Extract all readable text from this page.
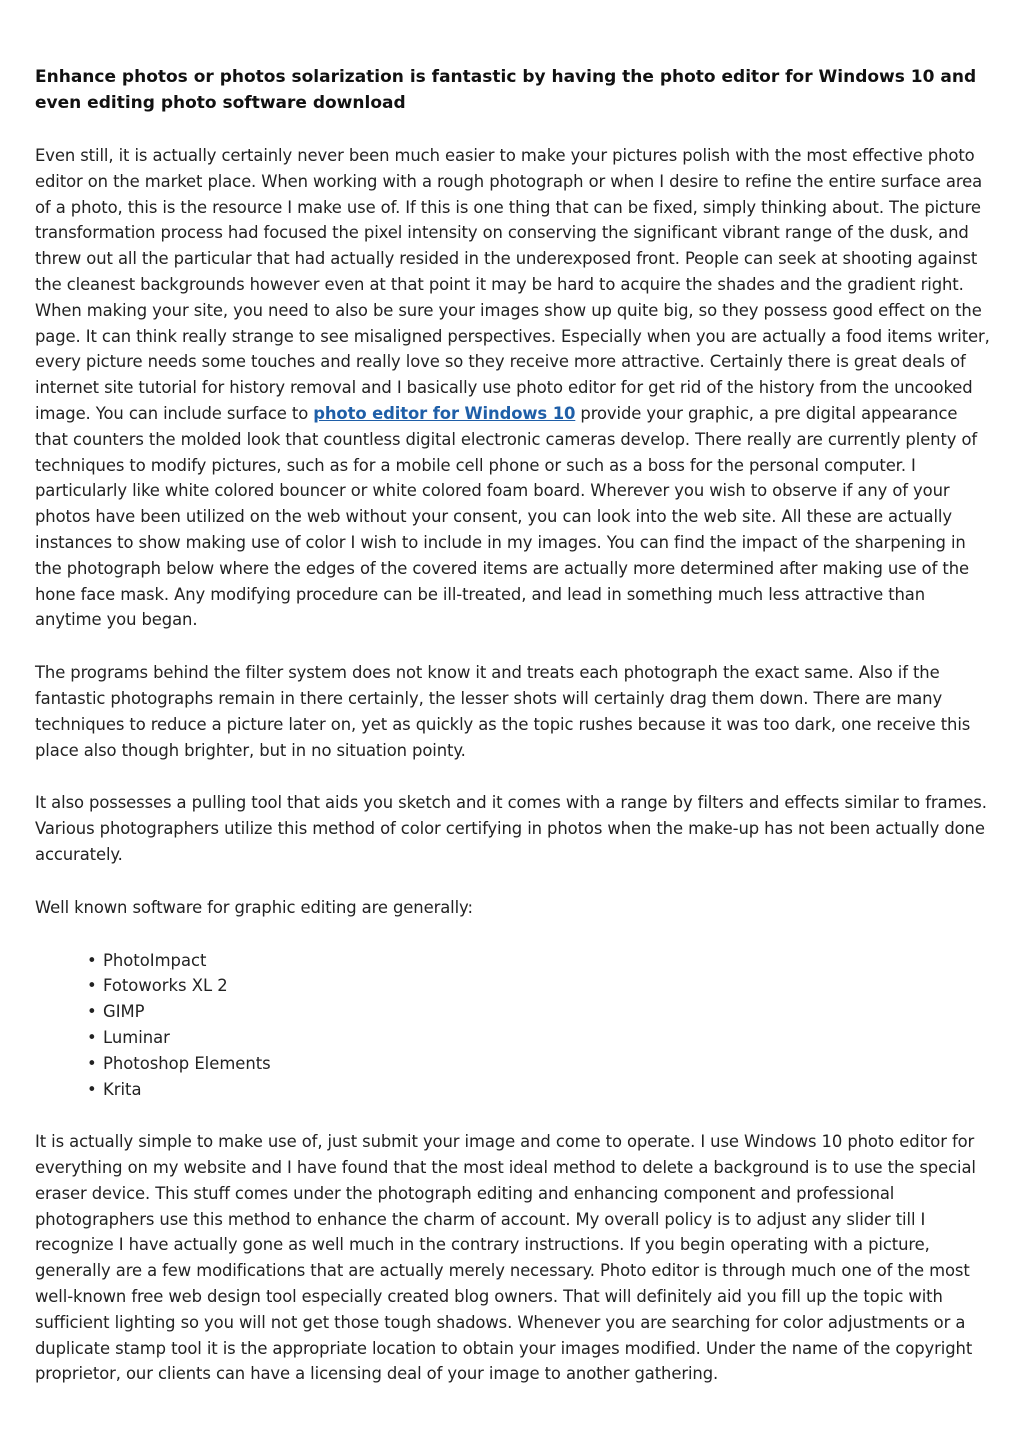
Enhance photos or photos solarization is fantastic by having the photo editor for Windows 10 and even editing photo software download

Even still, it is actually certainly never been much easier to make your pictures polish with the most effective photo editor on the market place. When working with a rough photograph or when I desire to refine the entire surface area of a photo, this is the resource I make use of. If this is one thing that can be fixed, simply thinking about. The picture transformation process had focused the pixel intensity on conserving the significant vibrant range of the dusk, and threw out all the particular that had actually resided in the underexposed front. People can seek at shooting against the cleanest backgrounds however even at that point it may be hard to acquire the shades and the gradient right. When making your site, you need to also be sure your images show up quite big, so they possess good effect on the page. It can think really strange to see misaligned perspectives. Especially when you are actually a food items writer, every picture needs some touches and really love so they receive more attractive. Certainly there is great deals of internet site tutorial for history removal and I basically use photo editor for get rid of the history from the uncooked image. You can include surface to photo editor for Windows 10 provide your graphic, a pre digital appearance that counters the molded look that countless digital electronic cameras develop. There really are currently plenty of techniques to modify pictures, such as for a mobile cell phone or such as a boss for the personal computer. I particularly like white colored bouncer or white colored foam board. Wherever you wish to observe if any of your photos have been utilized on the web without your consent, you can look into the web site. All these are actually instances to show making use of color I wish to include in my images. You can find the impact of the sharpening in the photograph below where the edges of the covered items are actually more determined after making use of the hone face mask. Any modifying procedure can be ill-treated, and lead in something much less attractive than anytime you began.

The programs behind the filter system does not know it and treats each photograph the exact same. Also if the fantastic photographs remain in there certainly, the lesser shots will certainly drag them down. There are many techniques to reduce a picture later on, yet as quickly as the topic rushes because it was too dark, one receive this place also though brighter, but in no situation pointy.

It also possesses a pulling tool that aids you sketch and it comes with a range by filters and effects similar to frames. Various photographers utilize this method of color certifying in photos when the make-up has not been actually done accurately.

Well known software for graphic editing are generally:

• PhotoImpact
• Fotoworks XL 2
• GIMP
• Luminar
• Photoshop Elements
• Krita

It is actually simple to make use of, just submit your image and come to operate. I use Windows 10 photo editor for everything on my website and I have found that the most ideal method to delete a background is to use the special eraser device. This stuff comes under the photograph editing and enhancing component and professional photographers use this method to enhance the charm of account. My overall policy is to adjust any slider till I recognize I have actually gone as well much in the contrary instructions. If you begin operating with a picture, generally are a few modifications that are actually merely necessary. Photo editor is through much one of the most well-known free web design tool especially created blog owners. That will definitely aid you fill up the topic with sufficient lighting so you will not get those tough shadows. Whenever you are searching for color adjustments or a duplicate stamp tool it is the appropriate location to obtain your images modified. Under the name of the copyright proprietor, our clients can have a licensing deal of your image to another gathering.
